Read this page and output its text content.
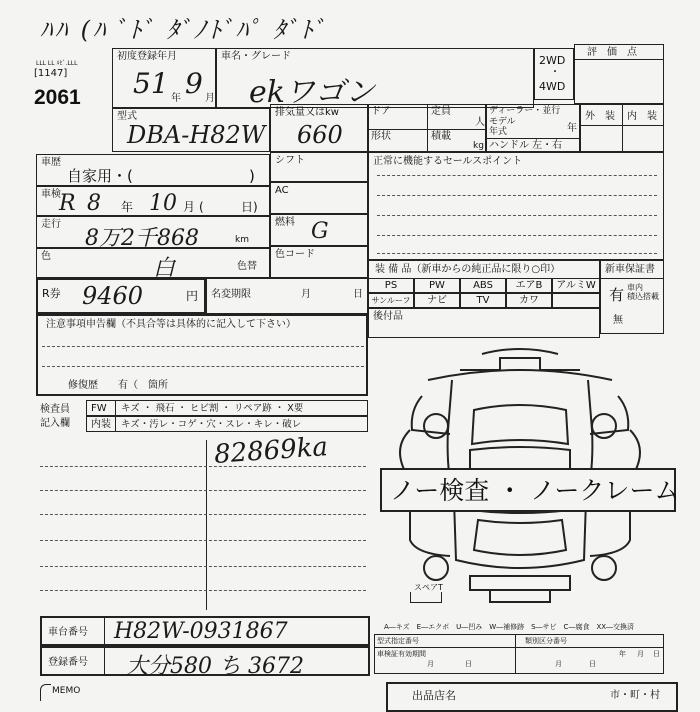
ﾊﾊ (ﾊ ﾞﾄﾞ ﾀﾞﾉﾄﾞﾊﾟ ﾀﾞﾄﾞ
LLL LL ﾙﾋﾞ.LLL
[1147]
2061
初度登録年月
51 年 9 月
車名・グレード
ekワゴン
2WD
・
4WD
評　価　点
型式
DBA-H82W
排気量又はkw
660
ドア	定員
人
形状	積載
kg
ディーラー・並行
モデル
年式	年
ハンドル 左・右
外　装 内　装
車歴
自家用・(	)
車検
R 8 年 10 月 (	日)
走行
8万2千868	km
色	白	色替
シフト
AC
燃料 G
色コード
正常に機能するセールスポイント
R券 9460	円 名変期限	月	日
装 備 品（新車からの純正品に限り○印）
PS	PW	ABS	エアB	アルミW
サンルーフ	ナビ	TV	カワ
新車保証書
有 車内
積込搭載
無
後付品
注意事項申告欄（不具合等は具体的に記入して下さい）
修復歴　　有（　箇所
検査員
記入欄
FW キズ ・ 飛石 ・ ヒビ割 ・ リペア跡 ・ X要
内装 キズ・汚レ・コゲ・穴・スレ・キレ・破レ
82869ka
ノー検査 ・ ノークレーム
スペアT
A―キズ　E―エクボ　U―凹み　W―補修跡　S―サビ　C―腐食　XX―交換済
車台番号 H82W-0931867
登録番号 大分580 ち 3672
型式指定番号	類別区分番号
車検証有効期間
月	日	月	日
年 月 日
MEMO	出品店名	市・町・村
